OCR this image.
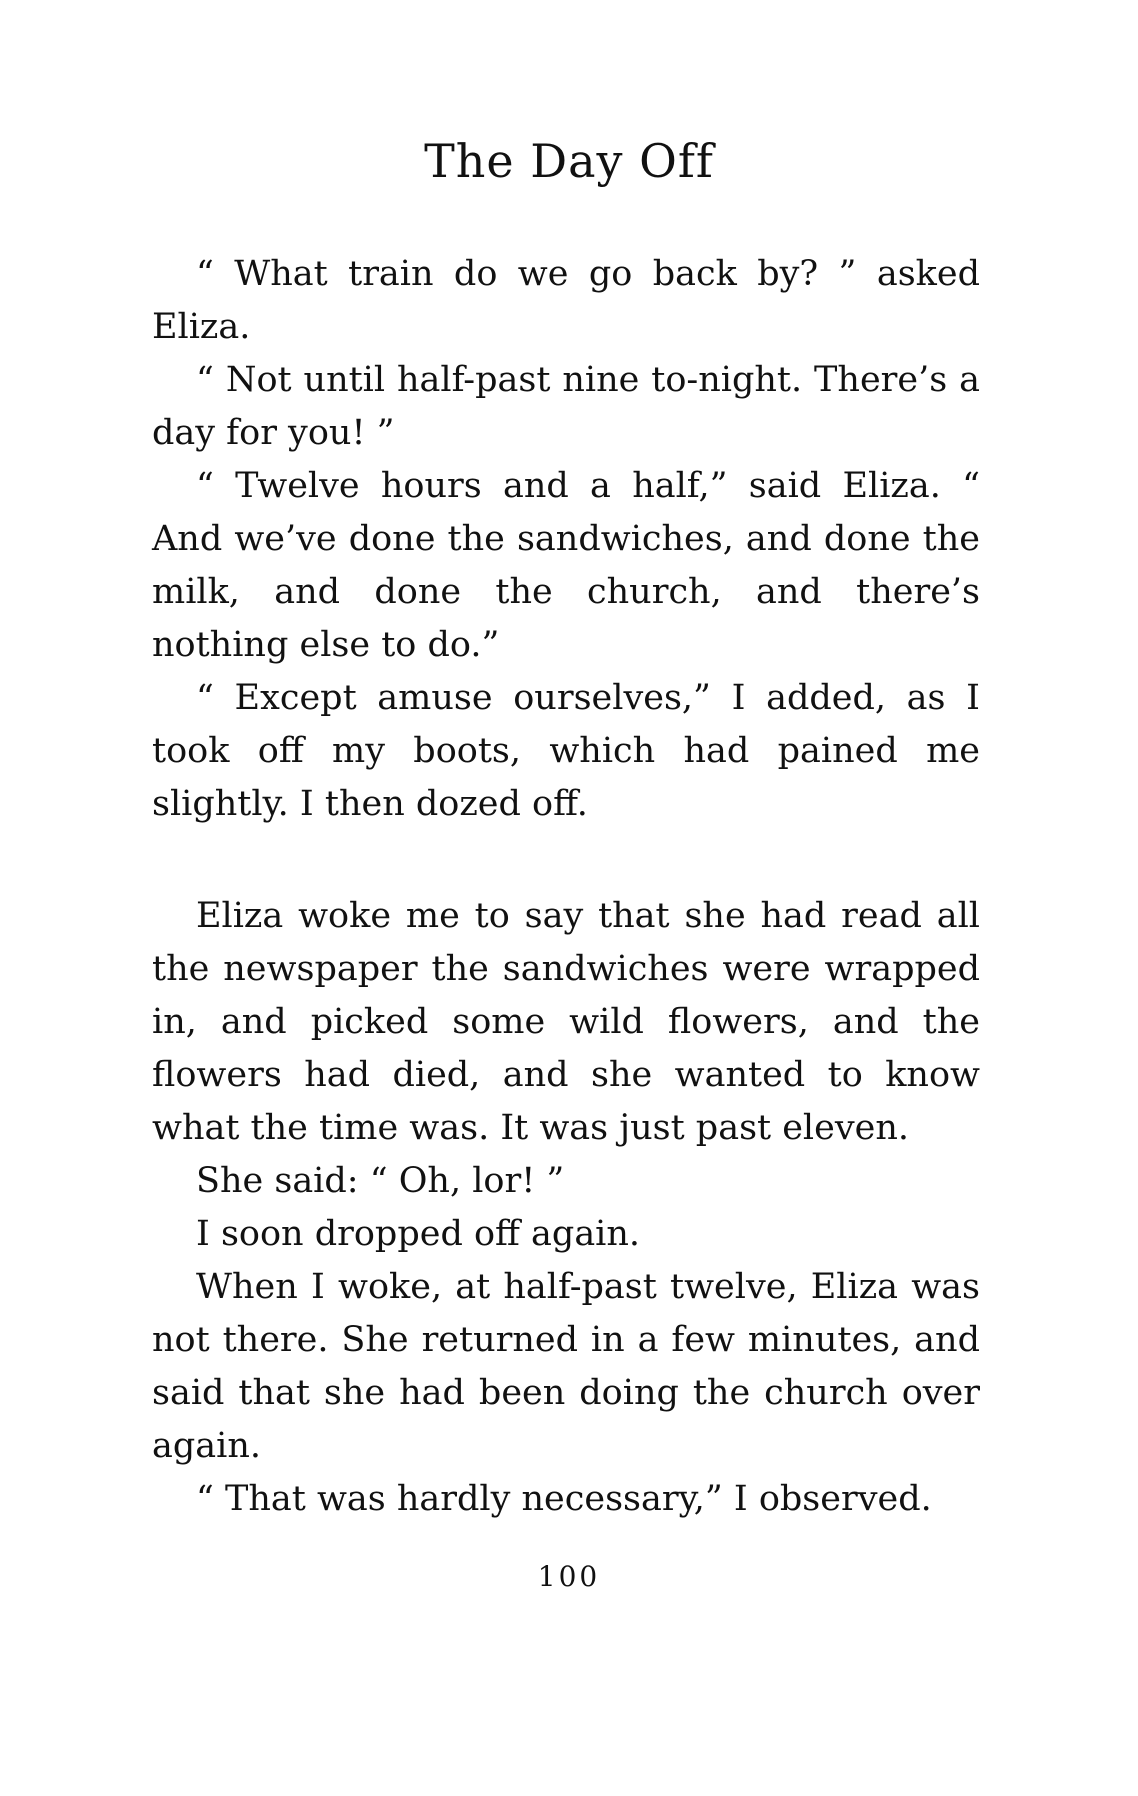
The Day Off

“ What train do we go back by? ” asked Eliza.

“ Not until half-past nine to-night. There’s a day for you! ”

“ Twelve hours and a half,” said Eliza. “ And we’ve done the sandwiches, and done the milk, and done the church, and there’s nothing else to do.”

“ Except amuse ourselves,” I added, as I took off my boots, which had pained me slightly. I then dozed off.

Eliza woke me to say that she had read all the newspaper the sandwiches were wrapped in, and picked some wild flowers, and the flowers had died, and she wanted to know what the time was. It was just past eleven.

She said: “ Oh, lor! ”

I soon dropped off again.

When I woke, at half-past twelve, Eliza was not there. She returned in a few minutes, and said that she had been doing the church over again.

“ That was hardly necessary,” I observed.

100
